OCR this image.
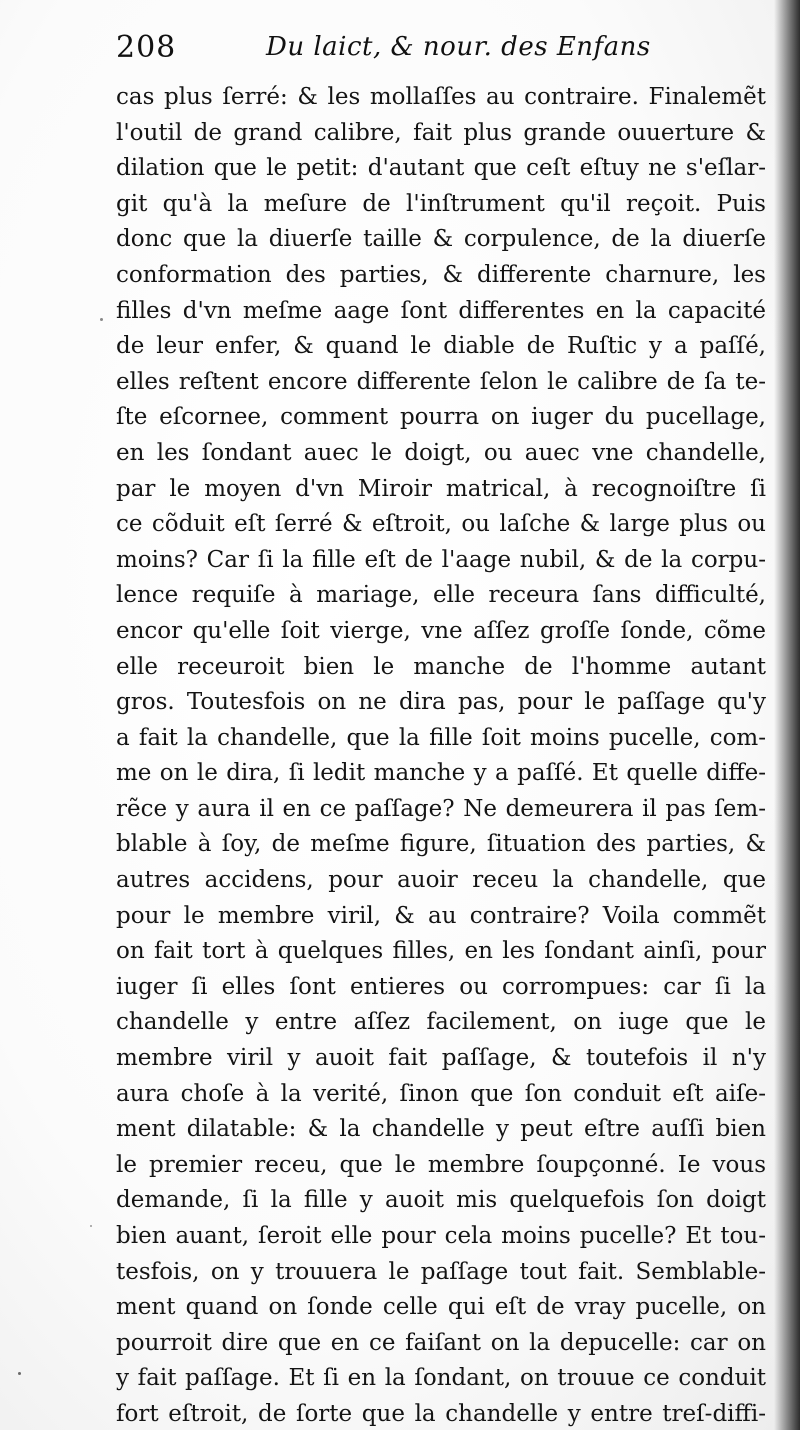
208	Du laict, & nour. des Enfans
cas plus ſerré: & les mollaſſes au contraire. Finalemẽt
l'outil de grand calibre, fait plus grande ouuerture &
dilation que le petit: d'autant que ceſt eſtuy ne s'eſlar-
git qu'à la meſure de l'inſtrument qu'il reçoit. Puis
donc que la diuerſe taille & corpulence, de la diuerſe
conformation des parties, & differente charnure, les
filles d'vn meſme aage ſont differentes en la capacité
de leur enfer, & quand le diable de Ruſtic y a paſſé,
elles reſtent encore differente ſelon le calibre de ſa te-
ſte eſcornee, comment pourra on iuger du pucellage,
en les ſondant auec le doigt, ou auec vne chandelle,
par le moyen d'vn Miroir matrical, à recognoiſtre ſi
ce cõduit eſt ſerré & eſtroit, ou laſche & large plus ou
moins? Car ſi la fille eſt de l'aage nubil, & de la corpu-
lence requiſe à mariage, elle receura ſans difficulté,
encor qu'elle ſoit vierge, vne aſſez groſſe ſonde, cõme
elle receuroit bien le manche de l'homme autant
gros. Toutesfois on ne dira pas, pour le paſſage qu'y
a fait la chandelle, que la fille ſoit moins pucelle, com-
me on le dira, ſi ledit manche y a paſſé. Et quelle diffe-
rẽce y aura il en ce paſſage? Ne demeurera il pas ſem-
blable à ſoy, de meſme figure, ſituation des parties, &
autres accidens, pour auoir receu la chandelle, que
pour le membre viril, & au contraire? Voila commẽt
on fait tort à quelques filles, en les ſondant ainſi, pour
iuger ſi elles ſont entieres ou corrompues: car ſi la
chandelle y entre aſſez facilement, on iuge que le
membre viril y auoit fait paſſage, & toutefois il n'y
aura choſe à la verité, ſinon que ſon conduit eſt aiſe-
ment dilatable: & la chandelle y peut eſtre auſſi bien
le premier receu, que le membre ſoupçonné. Ie vous
demande, ſi la fille y auoit mis quelquefois ſon doigt
bien auant, ſeroit elle pour cela moins pucelle? Et tou-
tesfois, on y trouuera le paſſage tout fait. Semblable-
ment quand on ſonde celle qui eſt de vray pucelle, on
pourroit dire que en ce faiſant on la depucelle: car on
y fait paſſage. Et ſi en la ſondant, on trouue ce conduit
fort eſtroit, de ſorte que la chandelle y entre treſ-diffi-
